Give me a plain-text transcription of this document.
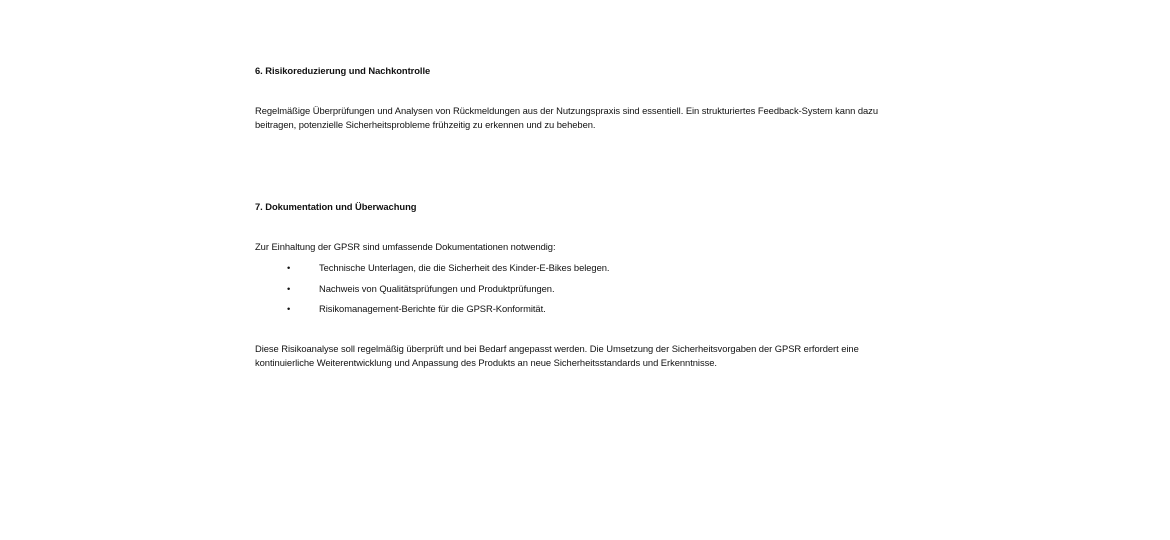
6. Risikoreduzierung und Nachkontrolle

Regelmäßige Überprüfungen und Analysen von Rückmeldungen aus der Nutzungspraxis sind essentiell. Ein strukturiertes Feedback-System kann dazu beitragen, potenzielle Sicherheitsprobleme frühzeitig zu erkennen und zu beheben.

7. Dokumentation und Überwachung

Zur Einhaltung der GPSR sind umfassende Dokumentationen notwendig:

•	Technische Unterlagen, die die Sicherheit des Kinder-E-Bikes belegen.
•	Nachweis von Qualitätsprüfungen und Produktprüfungen.
•	Risikomanagement-Berichte für die GPSR-Konformität.

Diese Risikoanalyse soll regelmäßig überprüft und bei Bedarf angepasst werden. Die Umsetzung der Sicherheitsvorgaben der GPSR erfordert eine kontinuierliche Weiterentwicklung und Anpassung des Produkts an neue Sicherheitsstandards und Erkenntnisse.
